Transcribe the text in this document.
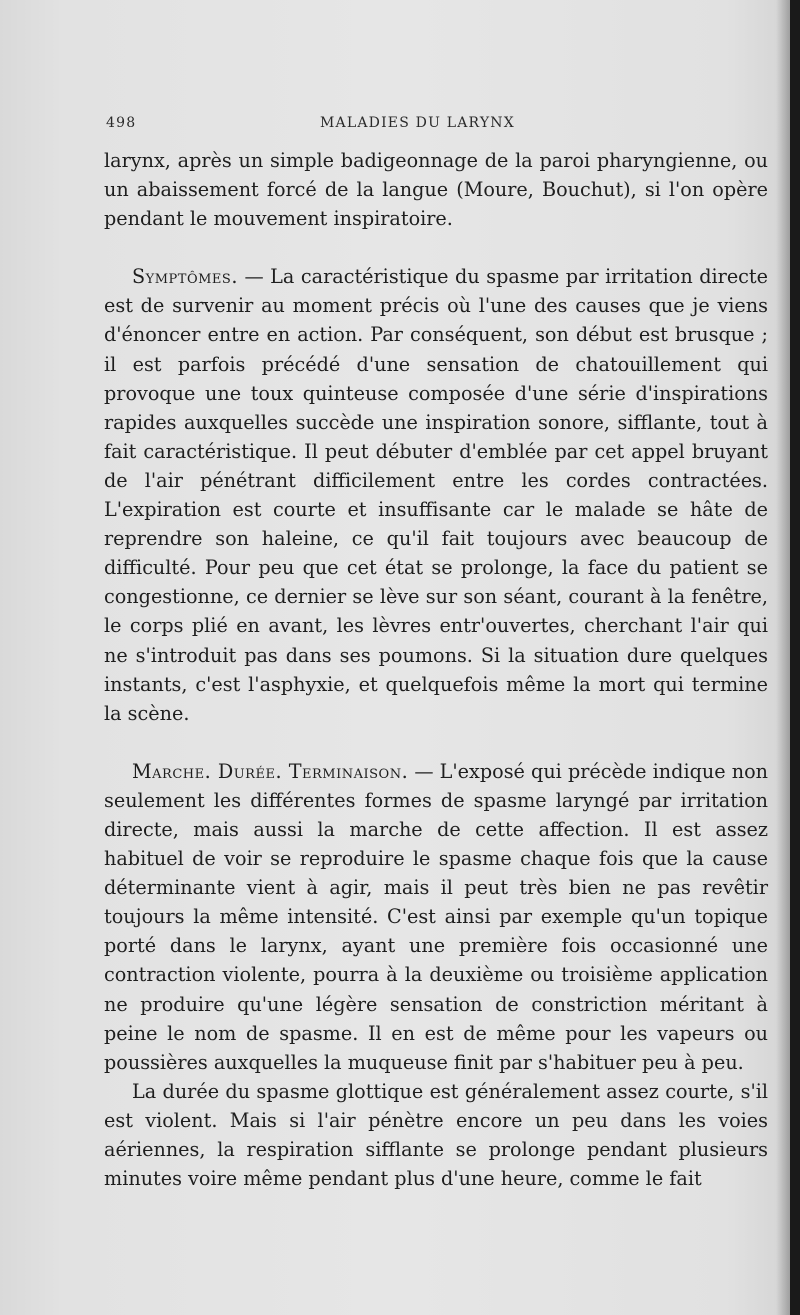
498	MALADIES DU LARYNX

larynx, après un simple badigeonnage de la paroi pharyngienne, ou un abaissement forcé de la langue (Moure, Bouchut), si l'on opère pendant le mouvement inspiratoire.

Symptômes. — La caractéristique du spasme par irritation directe est de survenir au moment précis où l'une des causes que je viens d'énoncer entre en action. Par conséquent, son début est brusque ; il est parfois précédé d'une sensation de chatouillement qui provoque une toux quinteuse composée d'une série d'inspirations rapides auxquelles succède une inspiration sonore, sifflante, tout à fait caractéristique. Il peut débuter d'emblée par cet appel bruyant de l'air pénétrant difficilement entre les cordes contractées. L'expiration est courte et insuffisante car le malade se hâte de reprendre son haleine, ce qu'il fait toujours avec beaucoup de difficulté. Pour peu que cet état se prolonge, la face du patient se congestionne, ce dernier se lève sur son séant, courant à la fenêtre, le corps plié en avant, les lèvres entr'ouvertes, cherchant l'air qui ne s'introduit pas dans ses poumons. Si la situation dure quelques instants, c'est l'asphyxie, et quelquefois même la mort qui termine la scène.

Marche. Durée. Terminaison. — L'exposé qui précède indique non seulement les différentes formes de spasme laryngé par irritation directe, mais aussi la marche de cette affection. Il est assez habituel de voir se reproduire le spasme chaque fois que la cause déterminante vient à agir, mais il peut très bien ne pas revêtir toujours la même intensité. C'est ainsi par exemple qu'un topique porté dans le larynx, ayant une première fois occasionné une contraction violente, pourra à la deuxième ou troisième application ne produire qu'une légère sensation de constriction méritant à peine le nom de spasme. Il en est de même pour les vapeurs ou poussières auxquelles la muqueuse finit par s'habituer peu à peu.

La durée du spasme glottique est généralement assez courte, s'il est violent. Mais si l'air pénètre encore un peu dans les voies aériennes, la respiration sifflante se prolonge pendant plusieurs minutes voire même pendant plus d'une heure, comme le fait
